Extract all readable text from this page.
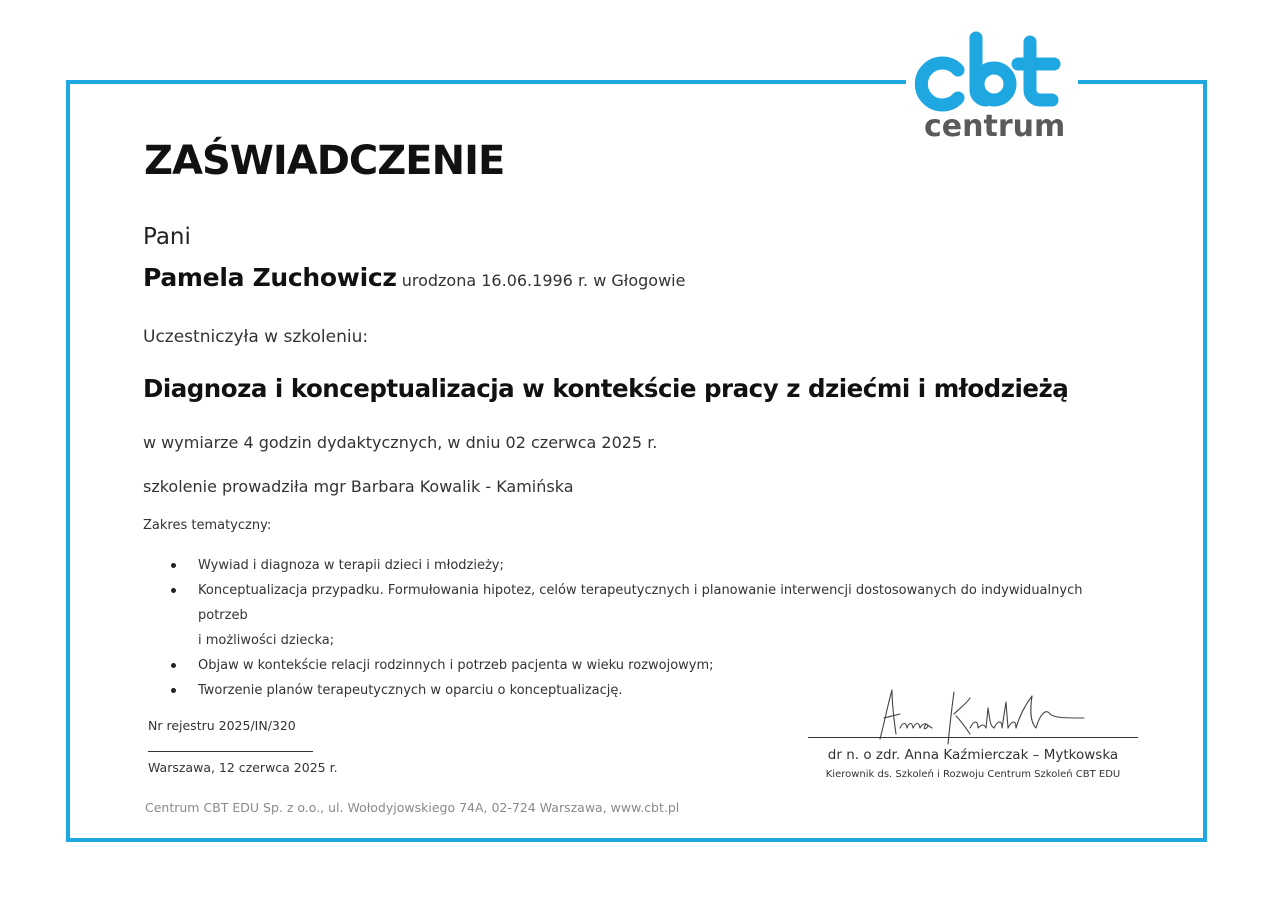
centrum
ZAŚWIADCZENIE
Pani
Pamela Zuchowicz urodzona 16.06.1996 r. w Głogowie
Uczestniczyła w szkoleniu:
Diagnoza i konceptualizacja w kontekście pracy z dziećmi i młodzieżą
w wymiarze 4 godzin dydaktycznych, w dniu 02 czerwca 2025 r.
szkolenie prowadziła mgr Barbara Kowalik - Kamińska
Zakres tematyczny:
Wywiad i diagnoza w terapii dzieci i młodzieży;
Konceptualizacja przypadku. Formułowania hipotez, celów terapeutycznych i planowanie interwencji dostosowanych do indywidualnych potrzeb
i możliwości dziecka;
Objaw w kontekście relacji rodzinnych i potrzeb pacjenta w wieku rozwojowym;
Tworzenie planów terapeutycznych w oparciu o konceptualizację.
Nr rejestru 2025/IN/320
Warszawa, 12 czerwca 2025 r.
dr n. o zdr. Anna Kaźmierczak – Mytkowska
Kierownik ds. Szkoleń i Rozwoju Centrum Szkoleń CBT EDU
Centrum CBT EDU Sp. z o.o., ul. Wołodyjowskiego 74A, 02-724 Warszawa, www.cbt.pl
